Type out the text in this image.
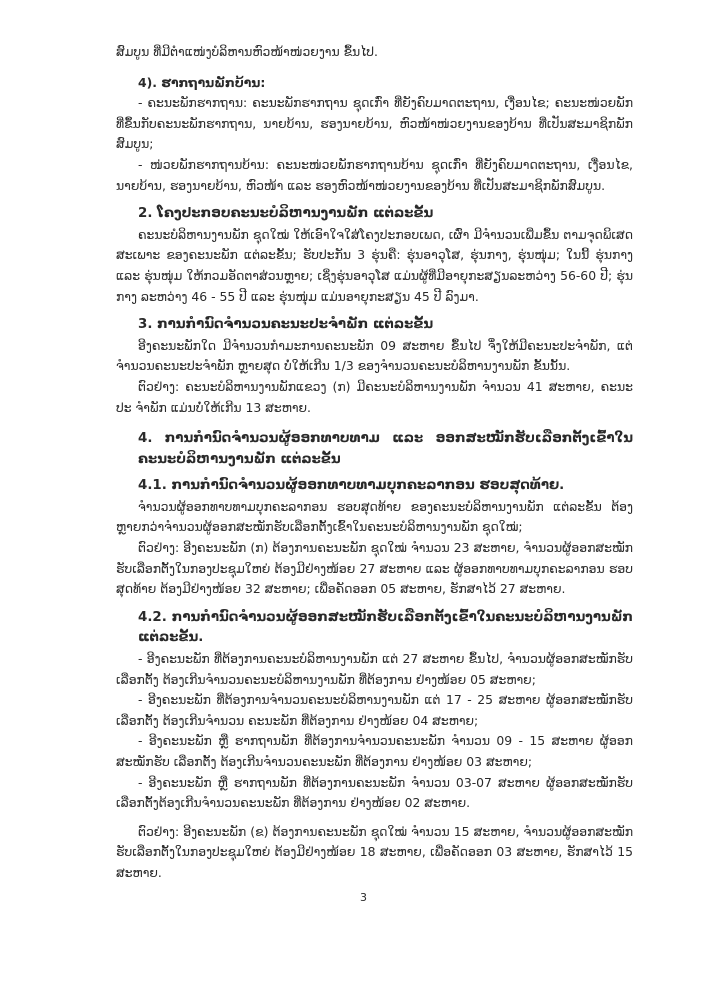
ສົມບູນ ທີ່ມີຕໍາແໜ່ງບໍລິຫານຫົວໜ້າໜ່ວຍງານ ຂຶ້ນໄປ.

4). ຮາກຖານພັກບ້ານ:

- ຄະນະພັກຮາກຖານ: ຄະນະພັກຮາກຖານ ຊຸດເກົ່າ ທີ່ຍັງຄົບມາດຕະຖານ, ເງື່ອນໄຂ; ຄະນະໜ່ວຍພັກທີ່ຂຶ້ນກັບຄະນະພັກຮາກຖານ, ນາຍບ້ານ, ຮອງນາຍບ້ານ, ຫົວໜ້າໜ່ວຍງານຂອງບ້ານ ທີ່ເປັນສະມາຊິກພັກສົມບູນ;

- ໜ່ວຍພັກຮາກຖານບ້ານ: ຄະນະໜ່ວຍພັກຮາກຖານບ້ານ ຊຸດເກົ່າ ທີ່ຍັງຄົບມາດຕະຖານ, ເງື່ອນໄຂ, ນາຍບ້ານ, ຮອງນາຍບ້ານ, ຫົວໜ້າ ແລະ ຮອງຫົວໜ້າໜ່ວຍງານຂອງບ້ານ ທີ່ເປັນສະມາຊິກພັກສົມບູນ.

2. ໂຄງປະກອບຄະນະບໍລິຫານງານພັກ ແຕ່ລະຂັ້ນ

ຄະນະບໍລິຫານງານພັກ ຊຸດໃໝ່ ໃຫ້ເອົາໃຈໃສ່ໂຄງປະກອບເພດ, ເຜົ່າ ມີຈໍານວນເພີ່ມຂຶ້ນ ຕາມຈຸດພິເສດ ສະເພາະ ຂອງຄະນະພັກ ແຕ່ລະຂັ້ນ; ຮັບປະກັນ 3 ຮຸ່ນຄື: ຮຸ່ນອາວຸໂສ, ຮຸ່ນກາງ, ຮຸ່ນໜຸ່ມ; ໃນນີ້ ຮຸ່ນກາງ ແລະ ຮຸ່ນໜຸ່ມ ໃຫ້ກວມອັດຕາສ່ວນຫຼາຍ; ເຊິ່ງຮຸ່ນອາວຸໂສ ແມ່ນຜູ້ທີ່ມີອາຍຸກະສຽນລະຫວ່າງ 56-60 ປີ; ຮຸ່ນກາງ ລະຫວ່າງ 46 - 55 ປີ ແລະ ຮຸ່ນໜຸ່ມ ແມ່ນອາຍຸກະສຽນ 45 ປີ ລົງມາ.

3. ການກໍານົດຈໍານວນຄະນະປະຈໍາພັກ ແຕ່ລະຂັ້ນ

ອີງຄະນະພັກໃດ ມີຈໍານວນກໍາມະການຄະນະພັກ 09 ສະຫາຍ ຂຶ້ນໄປ ຈຶ່ງໃຫ້ມີຄະນະປະຈໍາພັກ, ແຕ່ ຈໍານວນຄະນະປະຈໍາພັກ ຫຼາຍສຸດ ບໍ່ໃຫ້ເກີນ 1/3 ຂອງຈໍານວນຄະນະບໍລິຫານງານພັກ ຂັ້ນນັ້ນ.

ຕົວຢ່າງ: ຄະນະບໍລິຫານງານພັກແຂວງ (ກ) ມີຄະນະບໍລິຫານງານພັກ ຈໍານວນ 41 ສະຫາຍ, ຄະນະປະ ຈໍາພັກ ແມ່ນບໍ່ໃຫ້ເກີນ 13 ສະຫາຍ.

4. ການກໍານົດຈໍານວນຜູ້ອອກທາບທາມ ແລະ ອອກສະໝັກຮັບເລືອກຕັ້ງເຂົ້າໃນຄະນະບໍລິຫານງານພັກ ແຕ່ລະຂັ້ນ

4.1. ການກໍານົດຈໍານວນຜູ້ອອກທາບທາມບຸກຄະລາກອນ ຮອບສຸດທ້າຍ.

ຈໍານວນຜູ້ອອກທາບທາມບຸກຄະລາກອນ ຮອບສຸດທ້າຍ ຂອງຄະນະບໍລິຫານງານພັກ ແຕ່ລະຂັ້ນ ຕ້ອງ ຫຼາຍກວ່າຈໍານວນຜູ້ອອກສະໝັກຮັບເລືອກຕັ້ງເຂົ້າໃນຄະນະບໍລິຫານງານພັກ ຊຸດໃໝ່;

ຕົວຢ່າງ: ອີງຄະນະພັກ (ກ) ຕ້ອງການຄະນະພັກ ຊຸດໃໝ່ ຈໍານວນ 23 ສະຫາຍ, ຈໍານວນຜູ້ອອກສະໝັກ ຮັບເລືອກຕັ້ງໃນກອງປະຊຸມໃຫຍ່ ຕ້ອງມີຢ່າງໜ້ອຍ 27 ສະຫາຍ ແລະ ຜູ້ອອກທາບທາມບຸກຄະລາກອນ ຮອບສຸດທ້າຍ ຕ້ອງມີຢ່າງໜ້ອຍ 32 ສະຫາຍ; ເພື່ອຄັດອອກ 05 ສະຫາຍ, ຮັກສາໄວ້ 27 ສະຫາຍ.

4.2. ການກໍານົດຈໍານວນຜູ້ອອກສະໝັກຮັບເລືອກຕັ້ງເຂົ້າໃນຄະນະບໍລິຫານງານພັກ ແຕ່ລະຂັ້ນ.

- ອີງຄະນະພັກ ທີ່ຕ້ອງການຄະນະບໍລິຫານງານພັກ ແຕ່ 27 ສະຫາຍ ຂຶ້ນໄປ, ຈໍານວນຜູ້ອອກສະໝັກຮັບ ເລືອກຕັ້ງ ຕ້ອງເກີນຈໍານວນຄະນະບໍລິຫານງານພັກ ທີ່ຕ້ອງການ ຢ່າງໜ້ອຍ 05 ສະຫາຍ;

- ອີງຄະນະພັກ ທີ່ຕ້ອງການຈໍານວນຄະນະບໍລິຫານງານພັກ ແຕ່ 17 - 25 ສະຫາຍ ຜູ້ອອກສະໝັກຮັບ ເລືອກຕັ້ງ ຕ້ອງເກີນຈໍານວນ ຄະນະພັກ ທີ່ຕ້ອງການ ຢ່າງໜ້ອຍ 04 ສະຫາຍ;

- ອີງຄະນະພັກ ຫຼື ຮາກຖານພັກ ທີ່ຕ້ອງການຈໍານວນຄະນະພັກ ຈໍານວນ 09 - 15 ສະຫາຍ ຜູ້ອອກສະໝັກຮັບ ເລືອກຕັ້ງ ຕ້ອງເກີນຈໍານວນຄະນະພັກ ທີ່ຕ້ອງການ ຢ່າງໜ້ອຍ 03 ສະຫາຍ;

- ອີງຄະນະພັກ ຫຼື ຮາກຖານພັກ ທີ່ຕ້ອງການຄະນະພັກ ຈໍານວນ 03-07 ສະຫາຍ ຜູ້ອອກສະໝັກຮັບ ເລືອກຕັ້ງຕ້ອງເກີນຈໍານວນຄະນະພັກ ທີ່ຕ້ອງການ ຢ່າງໜ້ອຍ 02 ສະຫາຍ.

ຕົວຢ່າງ: ອີງຄະນະພັກ (ຂ) ຕ້ອງການຄະນະພັກ ຊຸດໃໝ່ ຈໍານວນ 15 ສະຫາຍ, ຈໍານວນຜູ້ອອກສະໝັກ ຮັບເລືອກຕັ້ງໃນກອງປະຊຸມໃຫຍ່ ຕ້ອງມີຢ່າງໜ້ອຍ 18 ສະຫາຍ, ເພື່ອຄັດອອກ 03 ສະຫາຍ, ຮັກສາໄວ້ 15 ສະຫາຍ.

3
